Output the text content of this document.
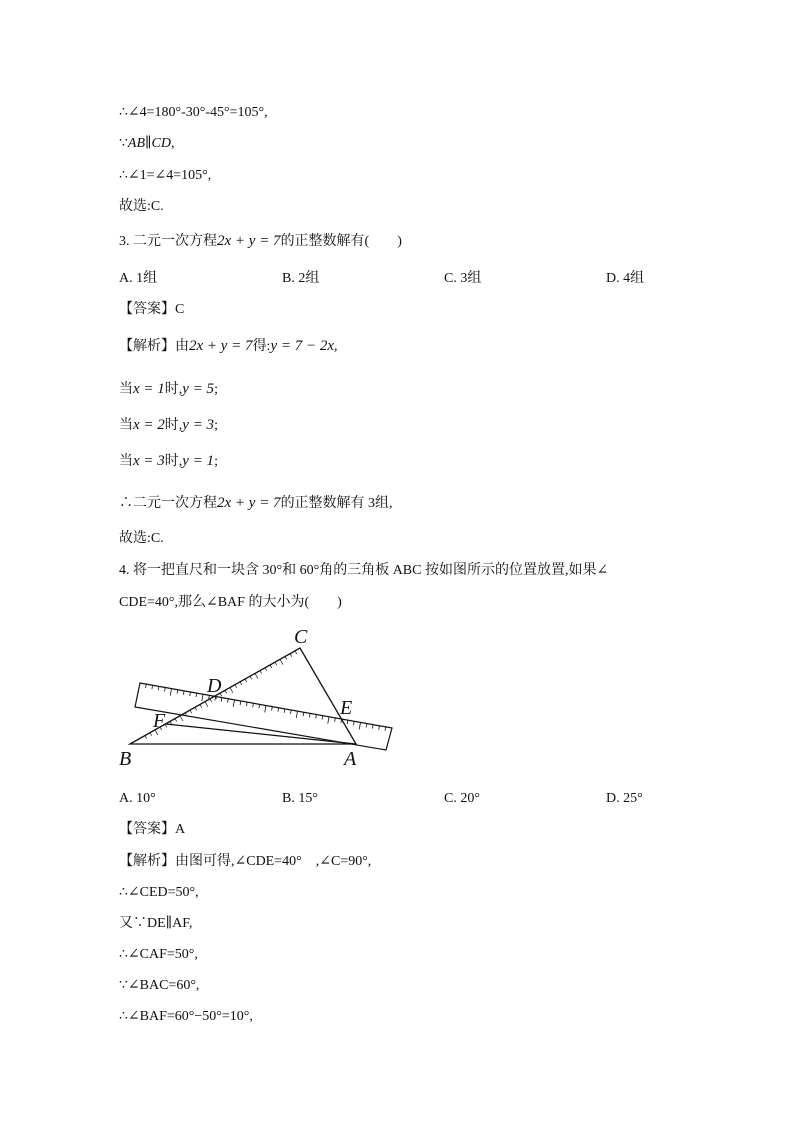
∴∠4=180°-30°-45°=105°,
∵AB∥CD,
∴∠1=∠4=105°,
故选:C.
3. 二元一次方程2x + y = 7的正整数解有(　　)
A. 1组	B. 2组	C. 3组	D. 4组
【答案】C
【解析】由2x + y = 7得:y = 7 − 2x,
当x = 1时,y = 5;
当x = 2时,y = 3;
当x = 3时,y = 1;
∴二元一次方程2x + y = 7的正整数解有 3组,
故选:C.
4. 将一把直尺和一块含 30°和 60°角的三角板 ABC 按如图所示的位置放置,如果∠
CDE=40°,那么∠BAF 的大小为(　　)
C
D
E
F
B	A
A. 10°	B. 15°	C. 20°	D. 25°
【答案】A
【解析】由图可得,∠CDE=40°　,∠C=90°,
∴∠CED=50°,
又∵DE∥AF,
∴∠CAF=50°,
∵∠BAC=60°,
∴∠BAF=60°−50°=10°,
